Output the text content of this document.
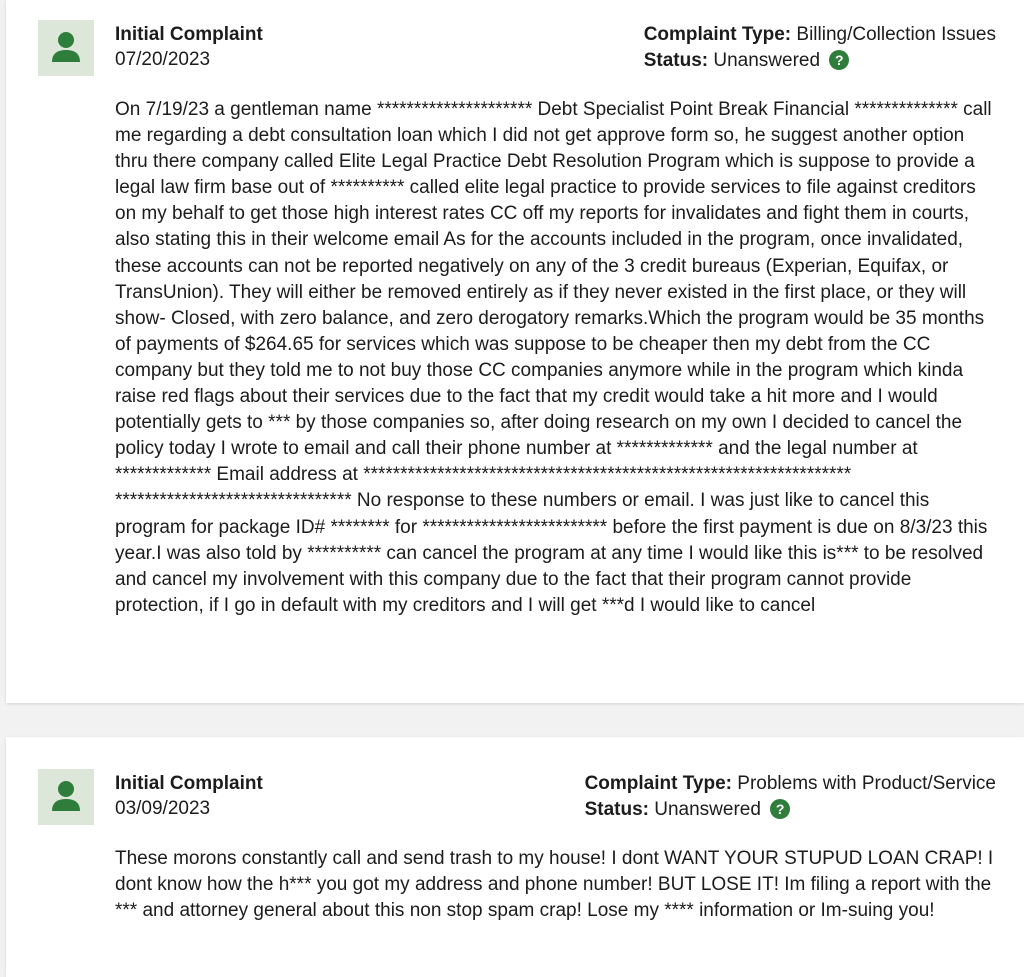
Initial Complaint
07/20/2023
Complaint Type: Billing/Collection Issues
Status: Unanswered ?

On 7/19/23 a gentleman name ********************* Debt Specialist Point Break Financial ************** call me regarding a debt consultation loan which I did not get approve form so, he suggest another option thru there company called Elite Legal Practice Debt Resolution Program which is suppose to provide a legal law firm base out of ********** called elite legal practice to provide services to file against creditors on my behalf to get those high interest rates CC off my reports for invalidates and fight them in courts, also stating this in their welcome email As for the accounts included in the program, once invalidated, these accounts can not be reported negatively on any of the 3 credit bureaus (Experian, Equifax, or TransUnion). They will either be removed entirely as if they never existed in the first place, or they will show- Closed, with zero balance, and zero derogatory remarks.Which the program would be 35 months of payments of $264.65 for services which was suppose to be cheaper then my debt from the CC company but they told me to not buy those CC companies anymore while in the program which kinda raise red flags about their services due to the fact that my credit would take a hit more and I would potentially gets to *** by those companies so, after doing research on my own I decided to cancel the policy today I wrote to email and call their phone number at ************* and the legal number at ************* Email address at ****************************************************************** ******************************** No response to these numbers or email. I was just like to cancel this program for package ID# ******** for ************************* before the first payment is due on 8/3/23 this year.I was also told by ********** can cancel the program at any time I would like this is*** to be resolved and cancel my involvement with this company due to the fact that their program cannot provide protection, if I go in default with my creditors and I will get ***d I would like to cancel

Initial Complaint
03/09/2023
Complaint Type: Problems with Product/Service
Status: Unanswered ?

These morons constantly call and send trash to my house! I dont WANT YOUR STUPUD LOAN CRAP! I dont know how the h*** you got my address and phone number! BUT LOSE IT! Im filing a report with the *** and attorney general about this non stop spam crap! Lose my **** information or Im-suing you!
